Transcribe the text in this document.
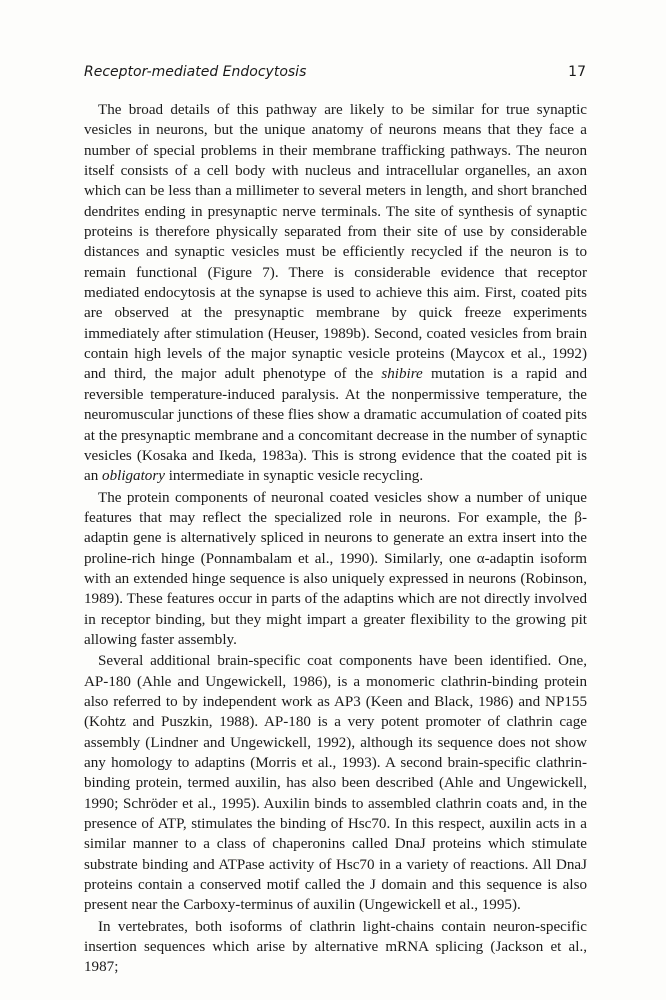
Receptor-mediated Endocytosis	17

The broad details of this pathway are likely to be similar for true synaptic vesicles in neurons, but the unique anatomy of neurons means that they face a number of special problems in their membrane trafficking pathways. The neuron itself consists of a cell body with nucleus and intracellular organelles, an axon which can be less than a millimeter to several meters in length, and short branched dendrites ending in presynaptic nerve terminals. The site of synthesis of synaptic proteins is therefore physically separated from their site of use by considerable distances and synaptic vesicles must be efficiently recycled if the neuron is to remain functional (Figure 7). There is considerable evidence that receptor mediated endocytosis at the synapse is used to achieve this aim. First, coated pits are observed at the presynaptic membrane by quick freeze experiments immediately after stimulation (Heuser, 1989b). Second, coated vesicles from brain contain high levels of the major synaptic vesicle proteins (Maycox et al., 1992) and third, the major adult phenotype of the shibire mutation is a rapid and reversible temperature-induced paralysis. At the nonpermissive temperature, the neuromuscular junctions of these flies show a dramatic accumulation of coated pits at the presynaptic membrane and a concomitant decrease in the number of synaptic vesicles (Kosaka and Ikeda, 1983a). This is strong evidence that the coated pit is an obligatory intermediate in synaptic vesicle recycling.

The protein components of neuronal coated vesicles show a number of unique features that may reflect the specialized role in neurons. For example, the β-adaptin gene is alternatively spliced in neurons to generate an extra insert into the proline-rich hinge (Ponnambalam et al., 1990). Similarly, one α-adaptin isoform with an extended hinge sequence is also uniquely expressed in neurons (Robinson, 1989). These features occur in parts of the adaptins which are not directly involved in receptor binding, but they might impart a greater flexibility to the growing pit allowing faster assembly.

Several additional brain-specific coat components have been identified. One, AP-180 (Ahle and Ungewickell, 1986), is a monomeric clathrin-binding protein also referred to by independent work as AP3 (Keen and Black, 1986) and NP155 (Kohtz and Puszkin, 1988). AP-180 is a very potent promoter of clathrin cage assembly (Lindner and Ungewickell, 1992), although its sequence does not show any homology to adaptins (Morris et al., 1993). A second brain-specific clathrin-binding protein, termed auxilin, has also been described (Ahle and Ungewickell, 1990; Schröder et al., 1995). Auxilin binds to assembled clathrin coats and, in the presence of ATP, stimulates the binding of Hsc70. In this respect, auxilin acts in a similar manner to a class of chaperonins called DnaJ proteins which stimulate substrate binding and ATPase activity of Hsc70 in a variety of reactions. All DnaJ proteins contain a conserved motif called the J domain and this sequence is also present near the Carboxy-terminus of auxilin (Ungewickell et al., 1995).

In vertebrates, both isoforms of clathrin light-chains contain neuron-specific insertion sequences which arise by alternative mRNA splicing (Jackson et al., 1987;
